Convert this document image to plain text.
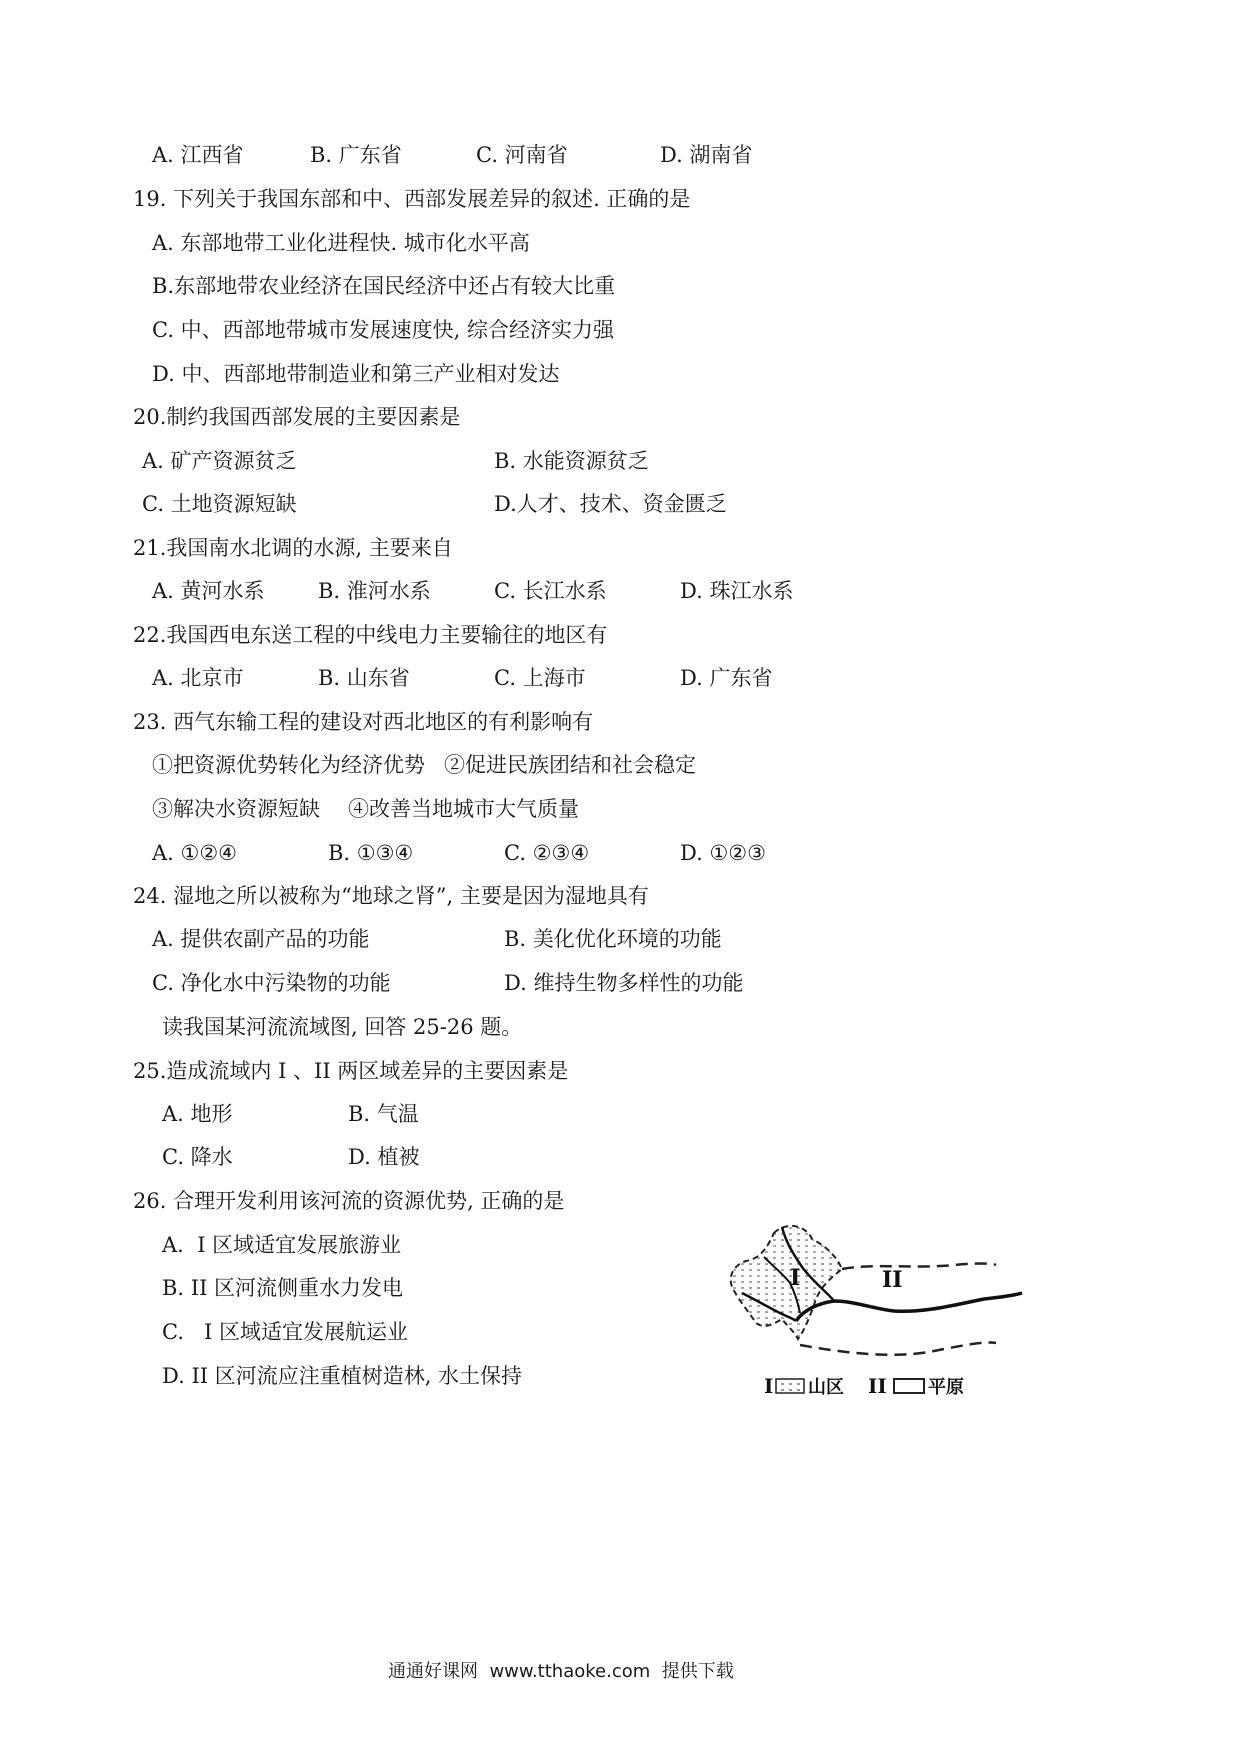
A. 江西省	B. 广东省	C. 河南省	D. 湖南省
19. 下列关于我国东部和中、西部发展差异的叙述. 正确的是
A. 东部地带工业化进程快. 城市化水平高
B.东部地带农业经济在国民经济中还占有较大比重
C. 中、西部地带城市发展速度快, 综合经济实力强
D. 中、西部地带制造业和第三产业相对发达
20.制约我国西部发展的主要因素是
A. 矿产资源贫乏	B. 水能资源贫乏
C. 土地资源短缺	D.人才、技术、资金匮乏
21.我国南水北调的水源, 主要来自
A. 黄河水系	B. 淮河水系	C. 长江水系	D. 珠江水系
22.我国西电东送工程的中线电力主要输往的地区有
A. 北京市	B. 山东省	C. 上海市	D. 广东省
23. 西气东输工程的建设对西北地区的有利影响有
①把资源优势转化为经济优势 ②促进民族团结和社会稳定
③解决水资源短缺 ④改善当地城市大气质量
A. ①②④	B. ①③④	C. ②③④	D. ①②③
24. 湿地之所以被称为“地球之肾”, 主要是因为湿地具有
A. 提供农副产品的功能	B. 美化优化环境的功能
C. 净化水中污染物的功能	D. 维持生物多样性的功能
读我国某河流流域图, 回答 25-26 题。
25.造成流域内 I 、II 两区域差异的主要因素是
A. 地形	B. 气温
C. 降水	D. 植被
26. 合理开发利用该河流的资源优势, 正确的是
A.  I 区域适宜发展旅游业
B. II 区河流侧重水力发电
C.   I 区域适宜发展航运业
D. II 区河流应注重植树造林, 水土保持
I	II
I 山区 II 平原
通通好课网  www.tthaoke.com  提供下载
